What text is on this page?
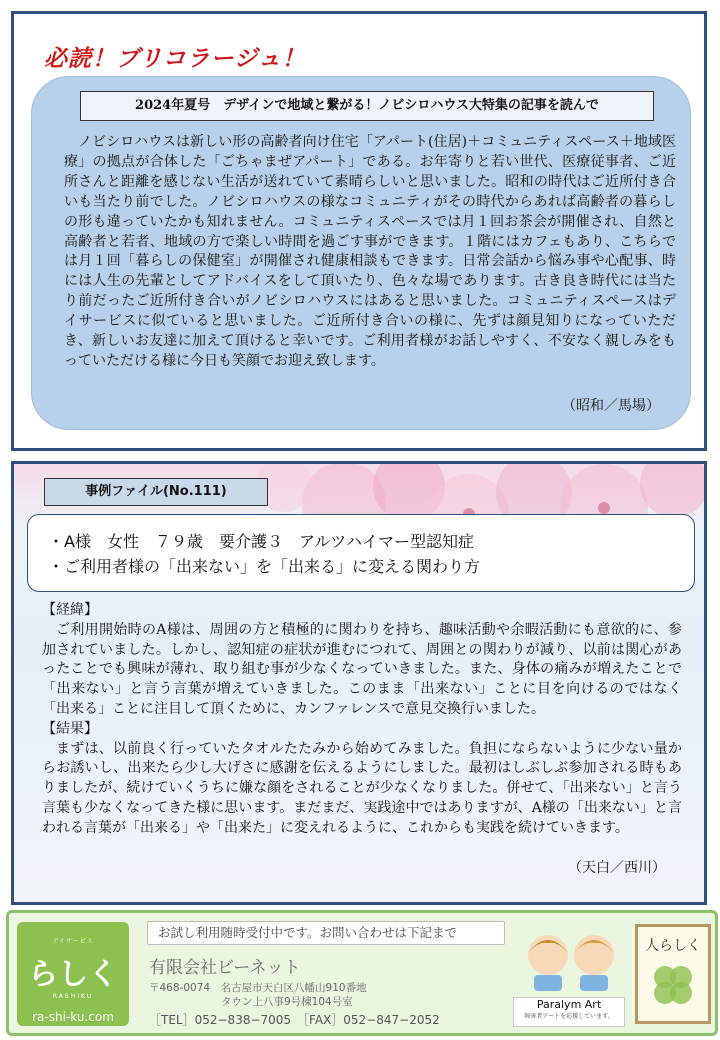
必読！ブリコラージュ！
2024年夏号　デザインで地域と繋がる！ノビシロハウス大特集の記事を読んで

ノビシロハウスは新しい形の高齢者向け住宅「アパート(住居)＋コミュニティスペース＋地域医療」の拠点が合体した「ごちゃまぜアパート」である。お年寄りと若い世代、医療従事者、ご近所さんと距離を感じない生活が送れていて素晴らしいと思いました。昭和の時代はご近所付き合いも当たり前でした。ノビシロハウスの様なコミュニティがその時代からあれば高齢者の暮らしの形も違っていたかも知れません。コミュニティスペースでは月１回お茶会が開催され、自然と高齢者と若者、地域の方で楽しい時間を過ごす事ができます。１階にはカフェもあり、こちらでは月１回「暮らしの保健室」が開催され健康相談もできます。日常会話から悩み事や心配事、時には人生の先輩としてアドバイスをして頂いたり、色々な場であります。古き良き時代には当たり前だったご近所付き合いがノビシロハウスにはあると思いました。コミュニティスペースはデイサービスに似ていると思いました。ご近所付き合いの様に、先ずは顔見知りになっていただき、新しいお友達に加えて頂けると幸いです。ご利用者様がお話しやすく、不安なく親しみをもっていただける様に今日も笑顔でお迎え致します。

（昭和／馬場）
事例ファイル(No.111)
・A様　女性　７９歳　要介護３　アルツハイマー型認知症
・ご利用者様の「出来ない」を「出来る」に変える関わり方

【経緯】

ご利用開始時のA様は、周囲の方と積極的に関わりを持ち、趣味活動や余暇活動にも意欲的に、参加されていました。しかし、認知症の症状が進むにつれて、周囲との関わりが減り、以前は関心があったことでも興味が薄れ、取り組む事が少なくなっていきました。また、身体の痛みが増えたことで「出来ない」と言う言葉が増えていきました。このまま「出来ない」ことに目を向けるのではなく「出来る」ことに注目して頂くために、カンファレンスで意見交換行いました。

【結果】

まずは、以前良く行っていたタオルたたみから始めてみました。負担にならないように少ない量からお誘いし、出来たら少し大げさに感謝を伝えるようにしました。最初はしぶしぶ参加される時もありましたが、続けていくうちに嫌な顔をされることが少なくなりました。併せて、「出来ない」と言う言葉も少なくなってきた様に思います。まだまだ、実践途中ではありますが、A様の「出来ない」と言われる言葉が「出来る」や「出来た」に変えれるように、これからも実践を続けていきます。

（天白／西川）
デイサービス
らしく
RASHIKU
ra-shi-ku.com
お試し利用随時受付中です。お問い合わせは下記まで
有限会社ビーネット
〒468-0074　名古屋市天白区八幡山910番地
タウン上八事9号棟104号室
［TEL］052−838−7005　［FAX］052−847−2052
Paralym Art
障害者アートを応援しています。
人らしく
